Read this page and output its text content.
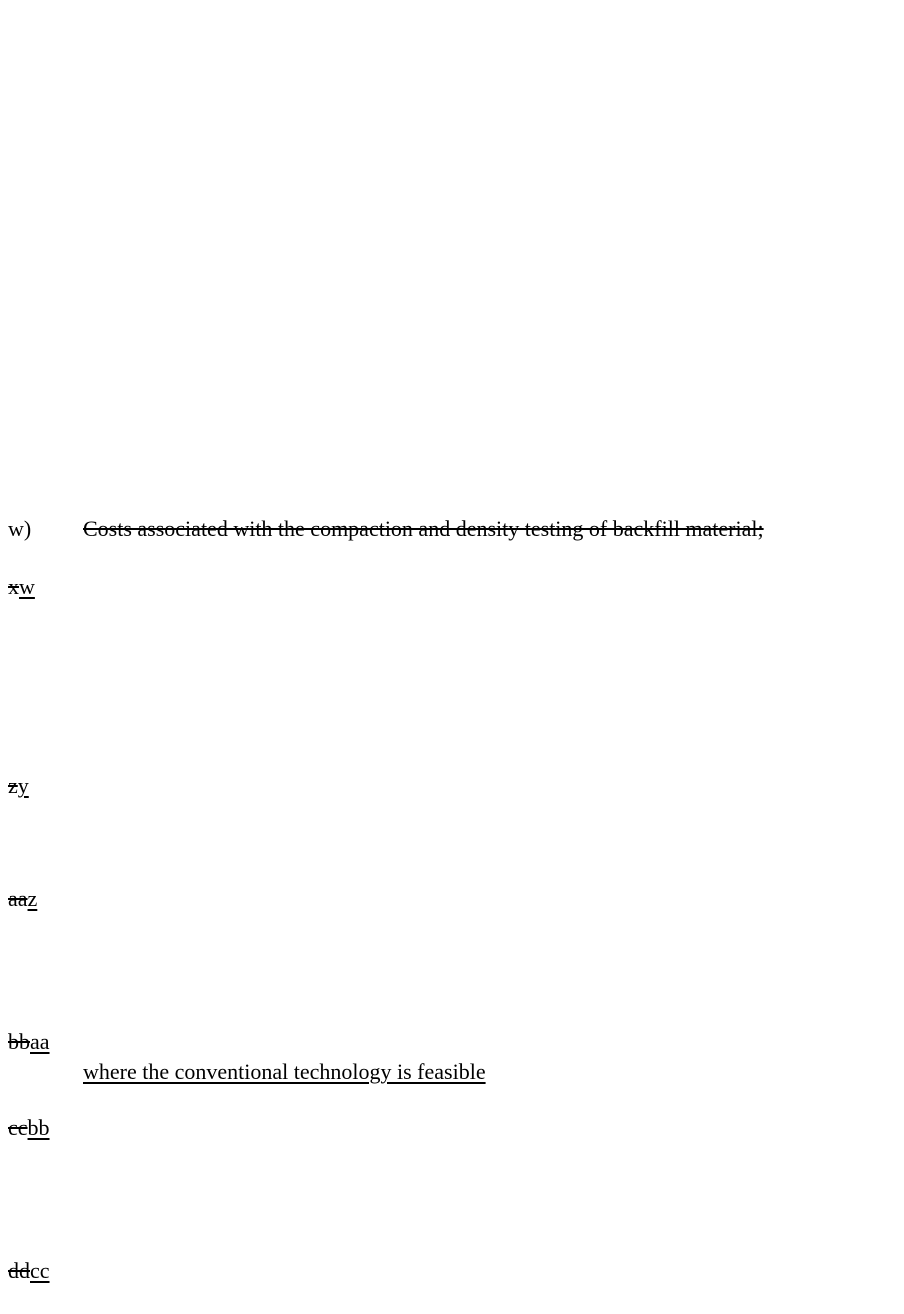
w) Costs associated with the compaction and density testing of backfill material;
xw
zy
aaz
bbaa
where the conventional technology is feasible
ccbb
ddcc
